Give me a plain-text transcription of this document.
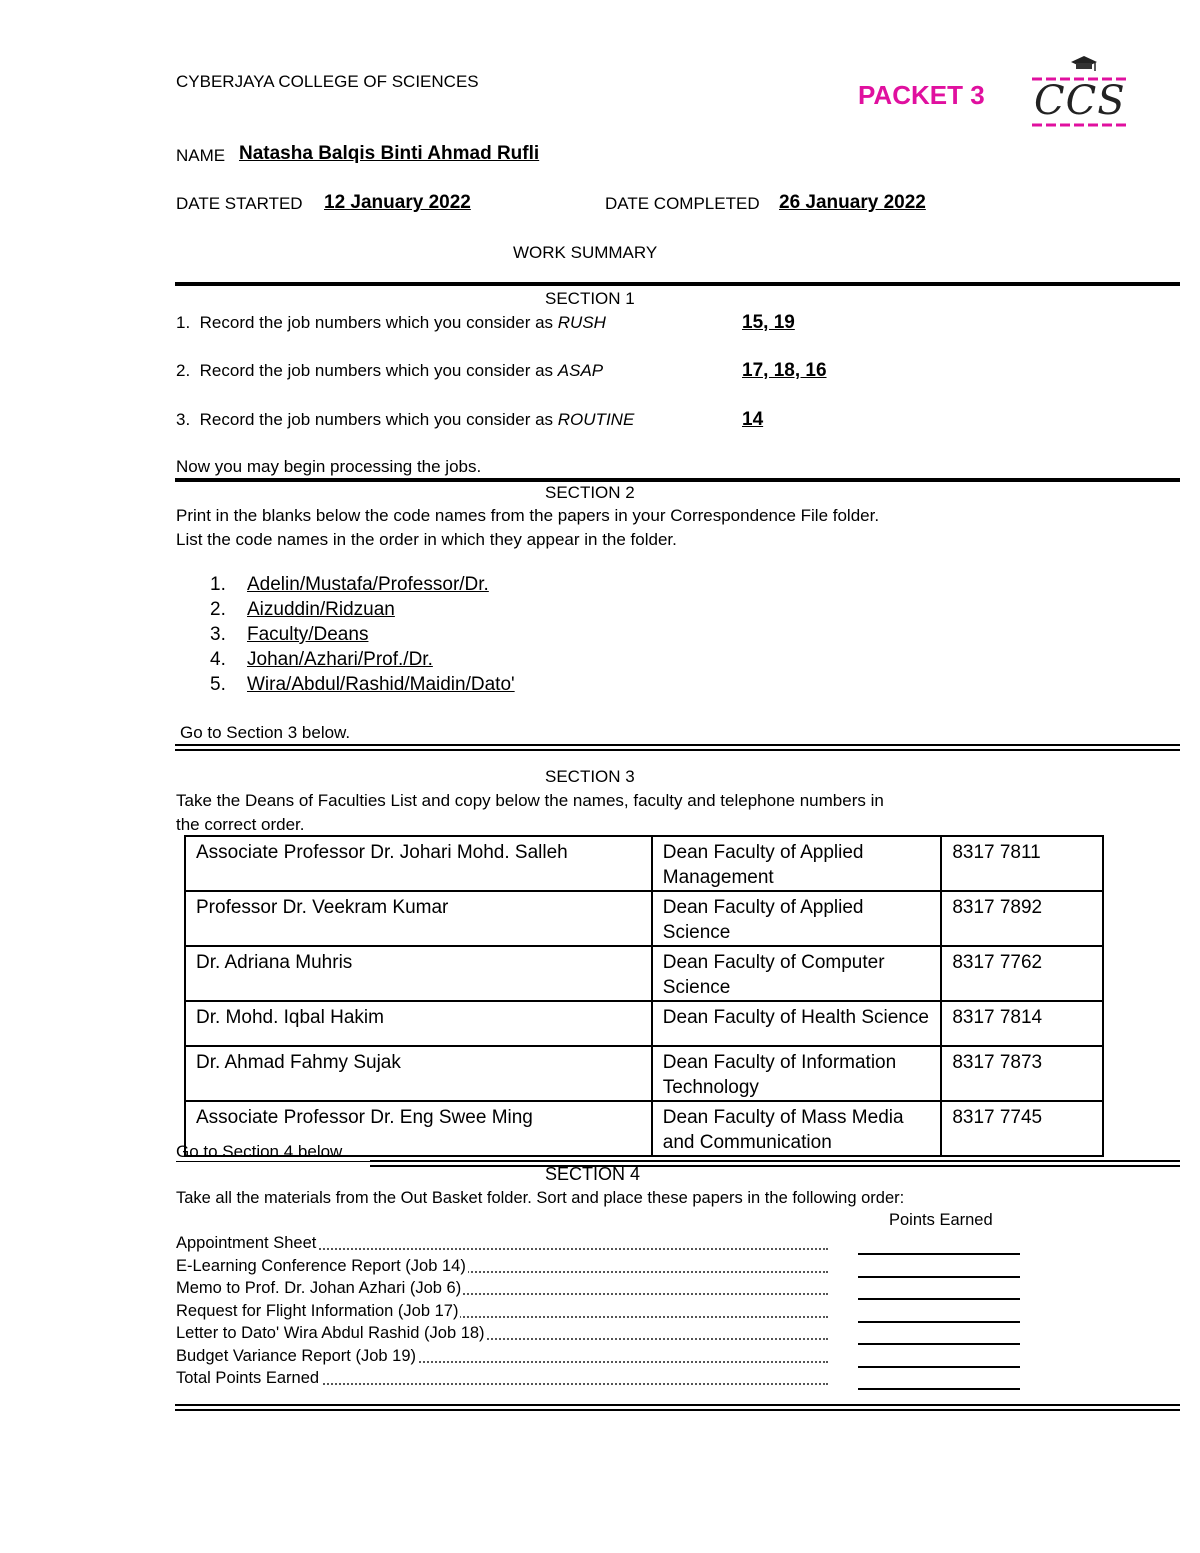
CYBERJAYA COLLEGE OF SCIENCES	PACKET 3 CCS
NAME Natasha Balqis Binti Ahmad Rufli
DATE STARTED 12 January 2022	DATE COMPLETED 26 January 2022
WORK SUMMARY
SECTION 1
1. Record the job numbers which you consider as RUSH	15, 19
2. Record the job numbers which you consider as ASAP	17, 18, 16
3. Record the job numbers which you consider as ROUTINE	14
Now you may begin processing the jobs.
SECTION 2
Print in the blanks below the code names from the papers in your Correspondence File folder.
List the code names in the order in which they appear in the folder.
1. Adelin/Mustafa/Professor/Dr.
2. Aizuddin/Ridzuan
3. Faculty/Deans
4. Johan/Azhari/Prof./Dr.
5. Wira/Abdul/Rashid/Maidin/Dato'
Go to Section 3 below.
SECTION 3
Take the Deans of Faculties List and copy below the names, faculty and telephone numbers in
the correct order.
Associate Professor Dr. Johari Mohd. Salleh	Dean Faculty of Applied Management	8317 7811
Professor Dr. Veekram Kumar	Dean Faculty of Applied Science	8317 7892
Dr. Adriana Muhris	Dean Faculty of Computer Science	8317 7762
Dr. Mohd. Iqbal Hakim	Dean Faculty of Health Science	8317 7814
Dr. Ahmad Fahmy Sujak	Dean Faculty of Information Technology	8317 7873
Associate Professor Dr. Eng Swee Ming	Dean Faculty of Mass Media and Communication	8317 7745
Go to Section 4 below
SECTION 4
Take all the materials from the Out Basket folder. Sort and place these papers in the following order:
Points Earned
Appointment Sheet
E-Learning Conference Report (Job 14)
Memo to Prof. Dr. Johan Azhari (Job 6)
Request for Flight Information (Job 17)
Letter to Dato' Wira Abdul Rashid (Job 18)
Budget Variance Report (Job 19)
Total Points Earned
